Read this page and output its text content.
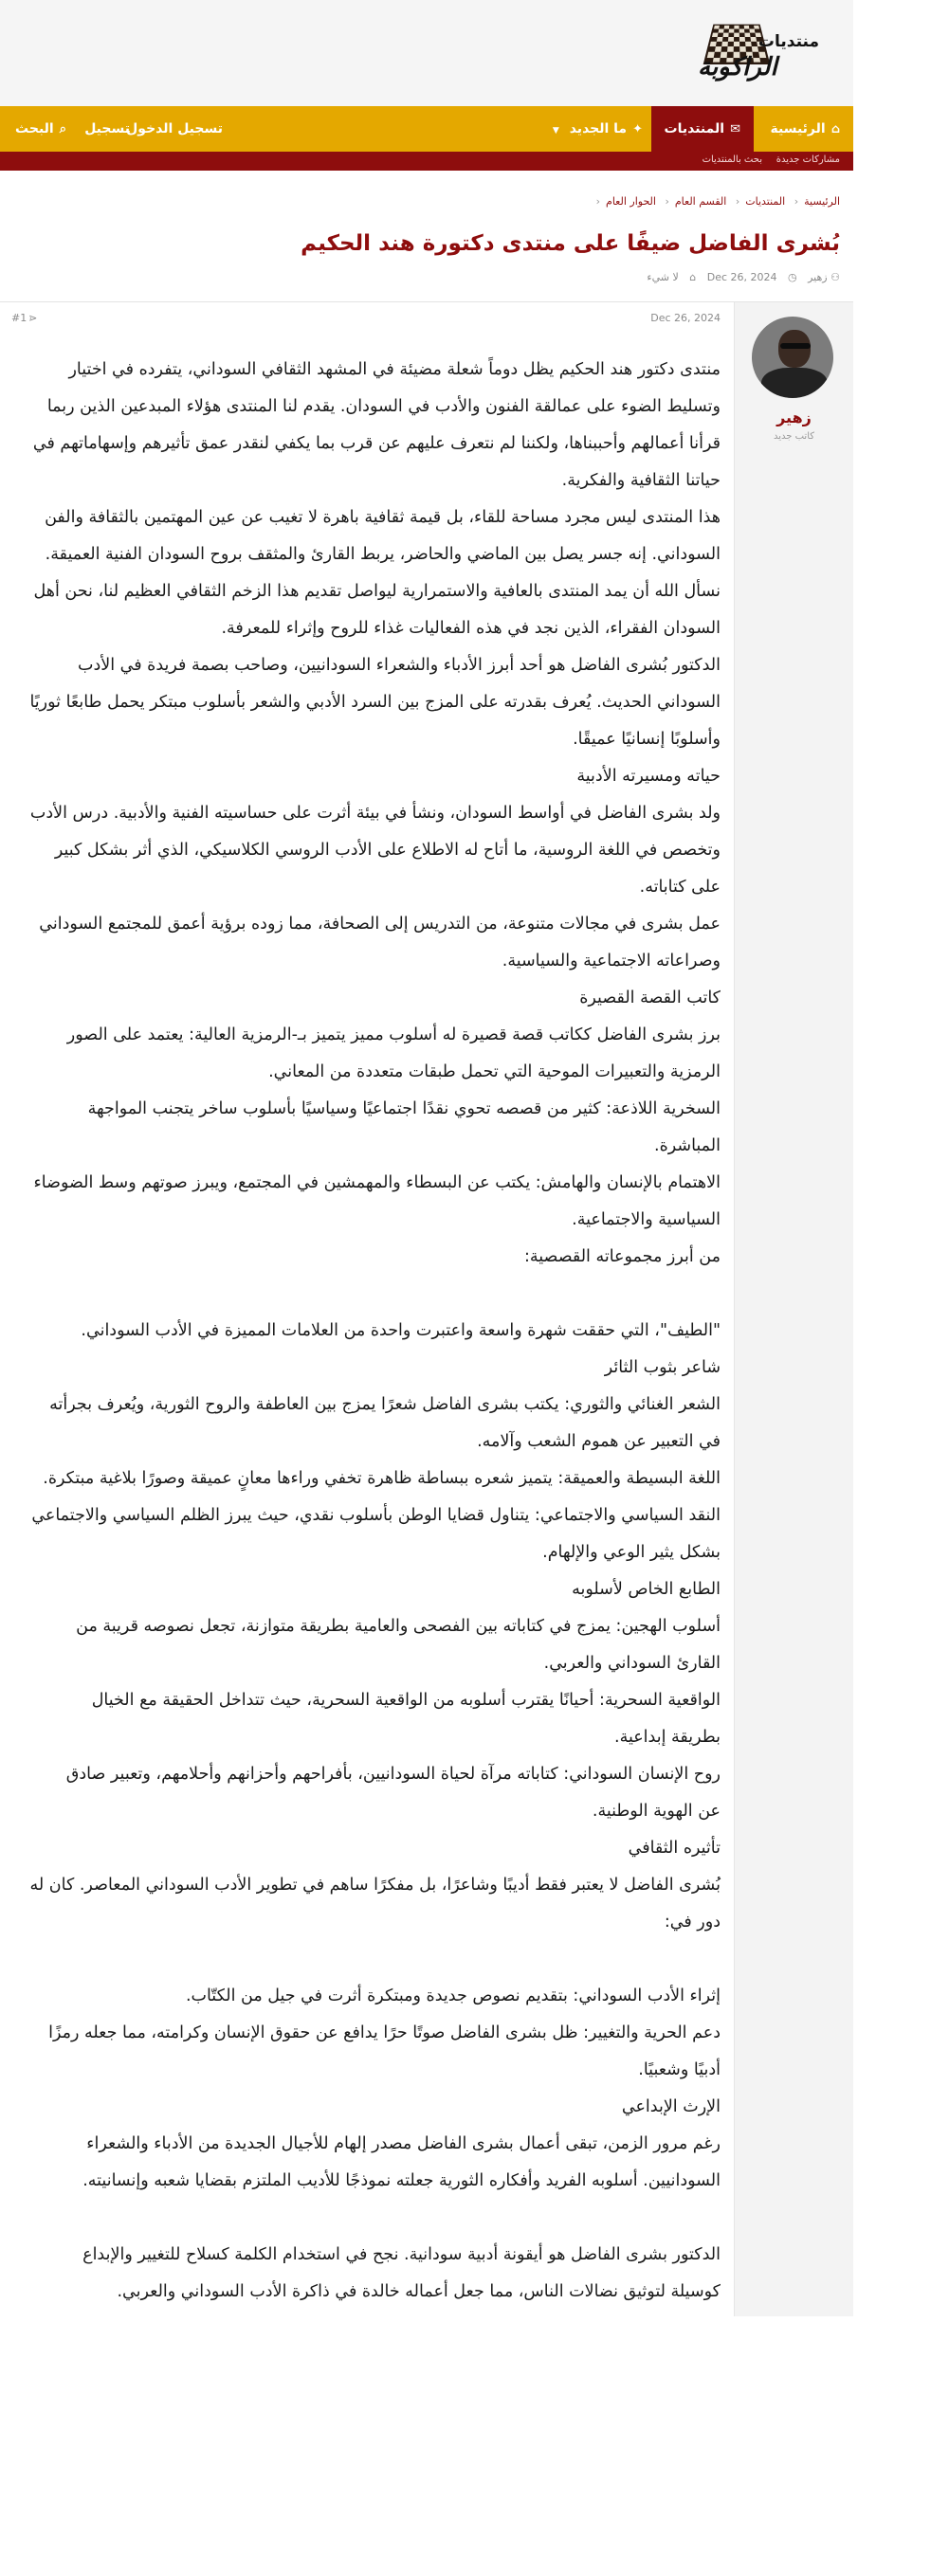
منتديات
الراكوبة
⌂الرئيسية
✉المنتديات
✦ما الجديد ▼
تسجيل الدخول
تسجيل
⌕البحث
مشاركات جديدة
بحث بالمنتديات
الرئيسية‹ المنتديات‹ القسم العام‹ الحوار العام‹
بُشرى الفاضل ضيفًا على منتدى دكتورة هند الحكيم
⚇ زهير ◷ Dec 26, 2024 ⌂ لا شيء
زهير
كاتب جديد
Dec 26, 2024
⋖
#1

منتدى دكتور هند الحكيم يظل دوماً شعلة مضيئة في المشهد الثقافي السوداني، يتفرده في اختيار

وتسليط الضوء على عمالقة الفنون والأدب في السودان. يقدم لنا المنتدى هؤلاء المبدعين الذين ربما

قرأنا أعمالهم وأحببناها، ولكننا لم نتعرف عليهم عن قرب بما يكفي لنقدر عمق تأثيرهم وإسهاماتهم في

حياتنا الثقافية والفكرية.

هذا المنتدى ليس مجرد مساحة للقاء، بل قيمة ثقافية باهرة لا تغيب عن عين المهتمين بالثقافة والفن

السوداني. إنه جسر يصل بين الماضي والحاضر، يربط القارئ والمثقف بروح السودان الفنية العميقة.

نسأل الله أن يمد المنتدى بالعافية والاستمرارية ليواصل تقديم هذا الزخم الثقافي العظيم لنا، نحن أهل

السودان الفقراء، الذين نجد في هذه الفعاليات غذاء للروح وإثراء للمعرفة.

الدكتور بُشرى الفاضل هو أحد أبرز الأدباء والشعراء السودانيين، وصاحب بصمة فريدة في الأدب

السوداني الحديث. يُعرف بقدرته على المزج بين السرد الأدبي والشعر بأسلوب مبتكر يحمل طابعًا ثوريًا

وأسلوبًا إنسانيًا عميقًا.

حياته ومسيرته الأدبية

ولد بشرى الفاضل في أواسط السودان، ونشأ في بيئة أثرت على حساسيته الفنية والأدبية. درس الأدب

وتخصص في اللغة الروسية، ما أتاح له الاطلاع على الأدب الروسي الكلاسيكي، الذي أثر بشكل كبير

على كتاباته.

عمل بشرى في مجالات متنوعة، من التدريس إلى الصحافة، مما زوده برؤية أعمق للمجتمع السوداني

وصراعاته الاجتماعية والسياسية.

كاتب القصة القصيرة

برز بشرى الفاضل ككاتب قصة قصيرة له أسلوب مميز يتميز بـ-الرمزية العالية: يعتمد على الصور

الرمزية والتعبيرات الموحية التي تحمل طبقات متعددة من المعاني.

السخرية اللاذعة: كثير من قصصه تحوي نقدًا اجتماعيًا وسياسيًا بأسلوب ساخر يتجنب المواجهة

المباشرة.

الاهتمام بالإنسان والهامش: يكتب عن البسطاء والمهمشين في المجتمع، ويبرز صوتهم وسط الضوضاء

السياسية والاجتماعية.

من أبرز مجموعاته القصصية:

"الطيف"، التي حققت شهرة واسعة واعتبرت واحدة من العلامات المميزة في الأدب السوداني.

شاعر بثوب الثائر

الشعر الغنائي والثوري: يكتب بشرى الفاضل شعرًا يمزج بين العاطفة والروح الثورية، ويُعرف بجرأته

في التعبير عن هموم الشعب وآلامه.

اللغة البسيطة والعميقة: يتميز شعره ببساطة ظاهرة تخفي وراءها معانٍ عميقة وصورًا بلاغية مبتكرة.

النقد السياسي والاجتماعي: يتناول قضايا الوطن بأسلوب نقدي، حيث يبرز الظلم السياسي والاجتماعي

بشكل يثير الوعي والإلهام.

الطابع الخاص لأسلوبه

أسلوب الهجين: يمزج في كتاباته بين الفصحى والعامية بطريقة متوازنة، تجعل نصوصه قريبة من

القارئ السوداني والعربي.

الواقعية السحرية: أحيانًا يقترب أسلوبه من الواقعية السحرية، حيث تتداخل الحقيقة مع الخيال

بطريقة إبداعية.

روح الإنسان السوداني: كتاباته مرآة لحياة السودانيين، بأفراحهم وأحزانهم وأحلامهم، وتعبير صادق

عن الهوية الوطنية.

تأثيره الثقافي

بُشرى الفاضل لا يعتبر فقط أديبًا وشاعرًا، بل مفكرًا ساهم في تطوير الأدب السوداني المعاصر. كان له

دور في:

إثراء الأدب السوداني: بتقديم نصوص جديدة ومبتكرة أثرت في جيل من الكتّاب.

دعم الحرية والتغيير: ظل بشرى الفاضل صوتًا حرًا يدافع عن حقوق الإنسان وكرامته، مما جعله رمزًا

أدبيًا وشعبيًا.

الإرث الإبداعي

رغم مرور الزمن، تبقى أعمال بشرى الفاضل مصدر إلهام للأجيال الجديدة من الأدباء والشعراء

السودانيين. أسلوبه الفريد وأفكاره الثورية جعلته نموذجًا للأديب الملتزم بقضايا شعبه وإنسانيته.

الدكتور بشرى الفاضل هو أيقونة أدبية سودانية. نجح في استخدام الكلمة كسلاح للتغيير والإبداع

كوسيلة لتوثيق نضالات الناس، مما جعل أعماله خالدة في ذاكرة الأدب السوداني والعربي.
